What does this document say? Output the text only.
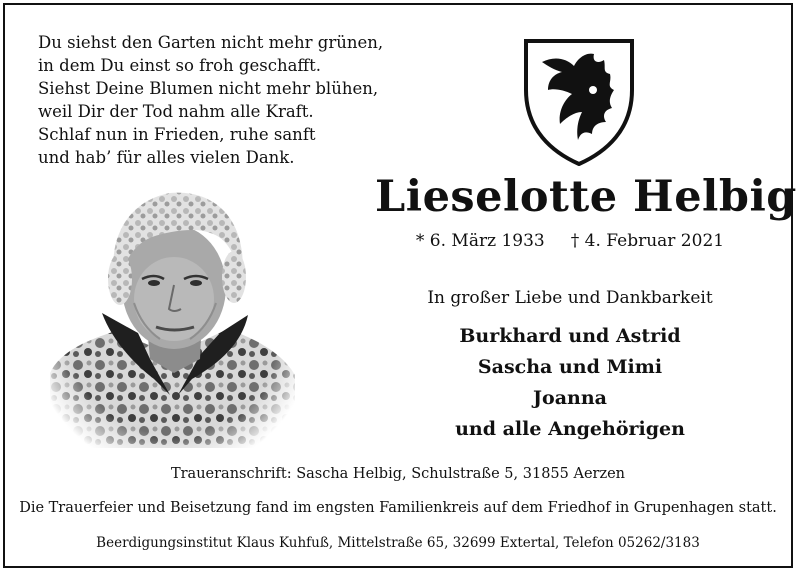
Du siehst den Garten nicht mehr grünen,
in dem Du einst so froh geschafft.
Siehst Deine Blumen nicht mehr blühen,
weil Dir der Tod nahm alle Kraft.
Schlaf nun in Frieden, ruhe sanft
und hab’ für alles vielen Dank.
Lieselotte Helbig
* 6. März 1933 † 4. Februar 2021
In großer Liebe und Dankbarkeit
Burkhard und Astrid
Sascha und Mimi
Joanna
und alle Angehörigen
Traueranschrift: Sascha Helbig, Schulstraße 5, 31855 Aerzen
Die Trauerfeier und Beisetzung fand im engsten Familienkreis auf dem Friedhof in Grupenhagen statt.
Beerdigungsinstitut Klaus Kuhfuß, Mittelstraße 65, 32699 Extertal, Telefon 05262/3183
